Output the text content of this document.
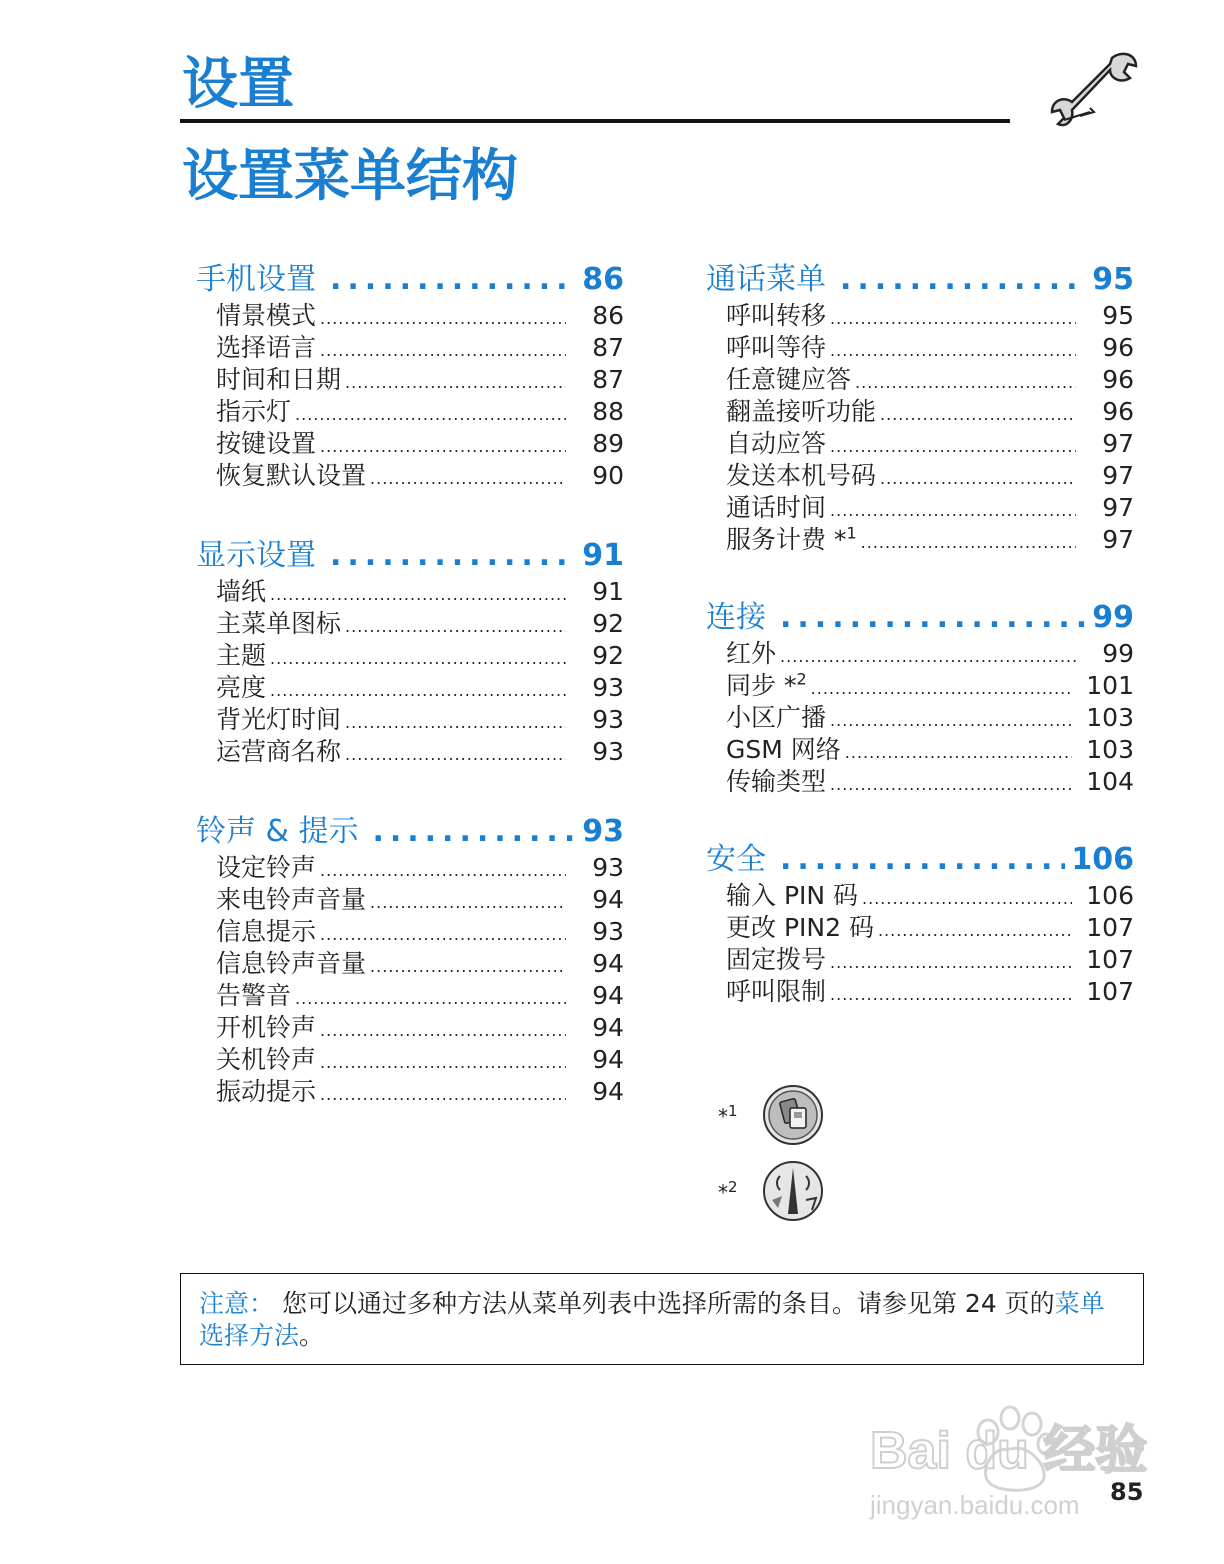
设置
设置菜单结构
手机设置 .....	86
情景模式 .....	86
选择语言 .....	87
时间和日期 .....	87
指示灯 .....	88
按键设置 .....	89
恢复默认设置 .....	90
显示设置 .....	91
墙纸 .....	91
主菜单图标 .....	92
主题 .....	92
亮度 .....	93
背光灯时间 .....	93
运营商名称 .....	93
铃声 & 提示 .....	93
设定铃声 .....	93
来电铃声音量 .....	94
信息提示 .....	93
信息铃声音量 .....	94
告警音 .....	94
开机铃声 .....	94
关机铃声 .....	94
振动提示 .....	94
通话菜单 .....	95
呼叫转移 .....	95
呼叫等待 .....	96
任意键应答 .....	96
翻盖接听功能 .....	96
自动应答 .....	97
发送本机号码 .....	97
通话时间 .....	97
服务计费 *$^1$ .....	97
连接 .....	99
红外 .....	99
同步 *$^2$ .....	101
小区广播 .....	103
GSM 网络 .....	103
传输类型 .....	104
安全 .....	106
输入 PIN 码 .....	106
更改 PIN2 码 .....	107
固定拨号 .....	107
呼叫限制 .....	107
*$^1$
*$^2$
注意： 您可以通过多种方法从菜单列表中选择所需的条目。请参见第 24 页的菜单选择方法。
Bai du 经验
jingyan.baidu.com 85
